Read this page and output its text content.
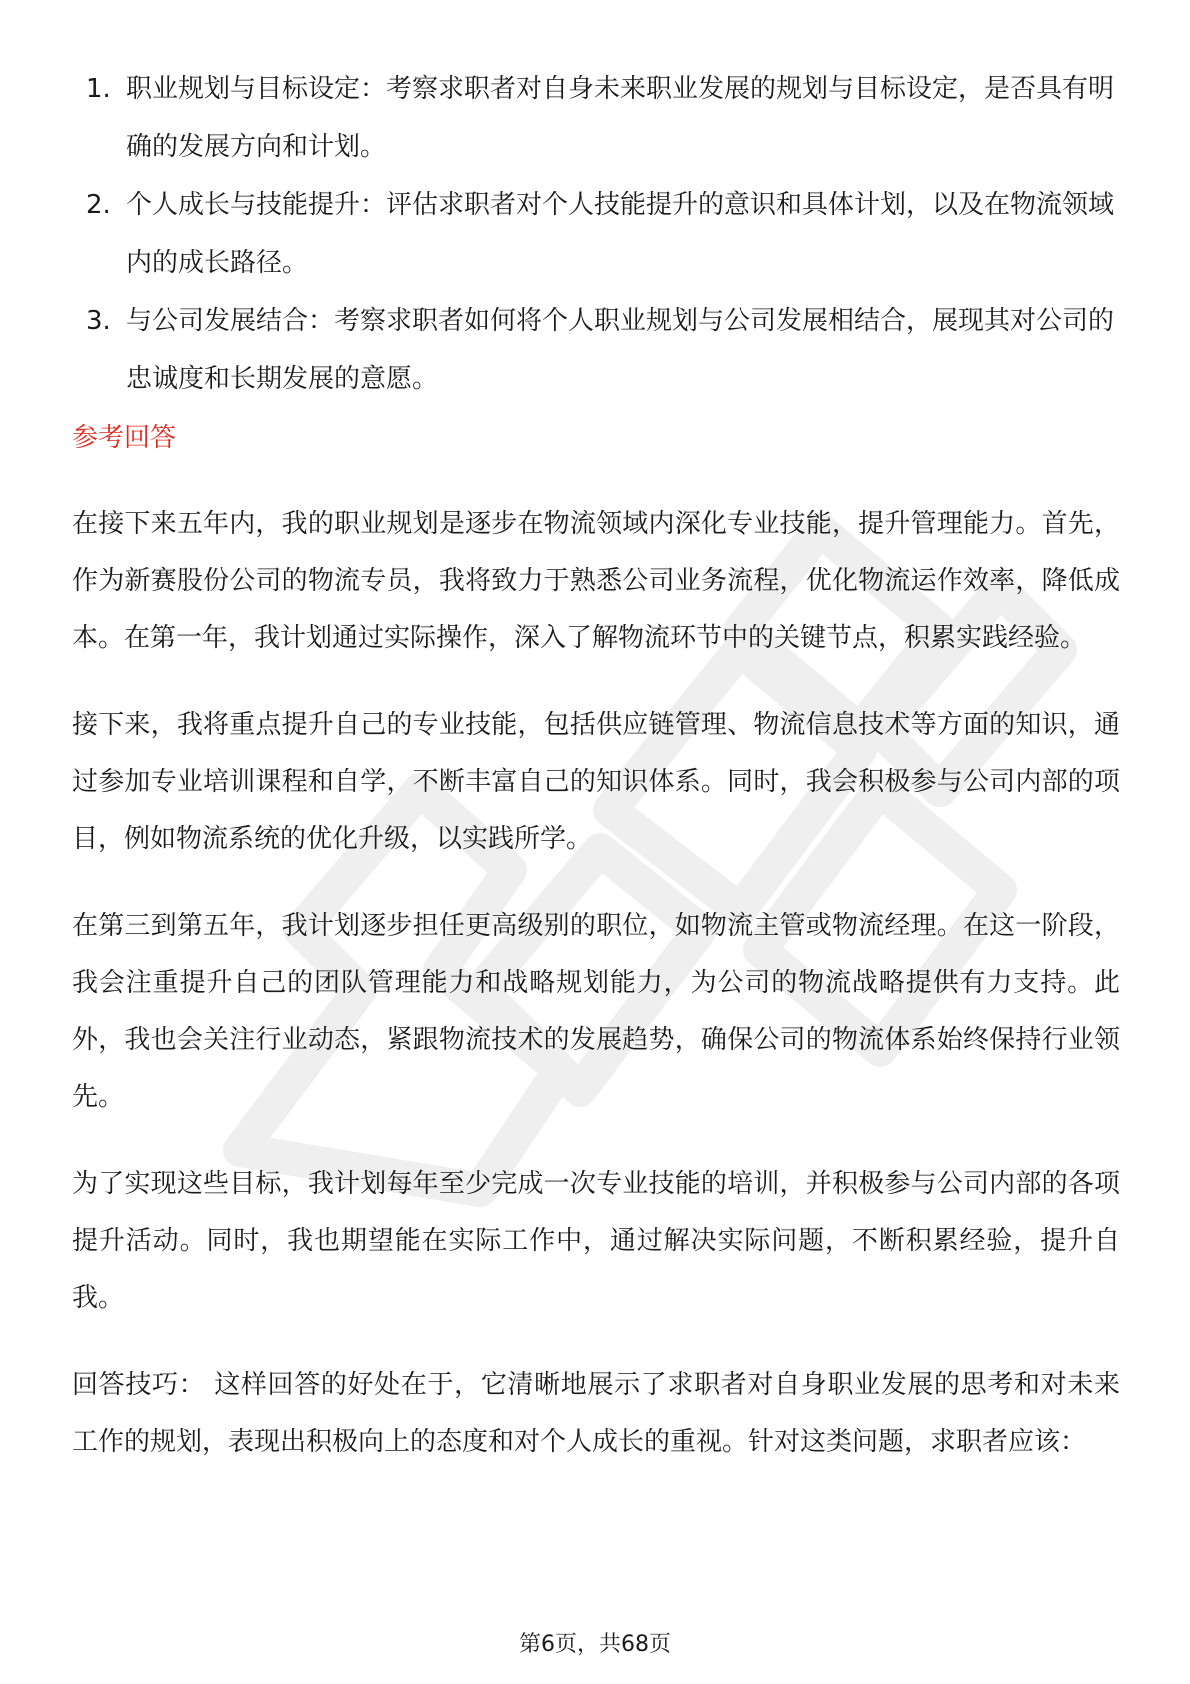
1. 职业规划与目标设定：考察求职者对自身未来职业发展的规划与目标设定，是否具有明确的发展方向和计划。
2. 个人成长与技能提升：评估求职者对个人技能提升的意识和具体计划，以及在物流领域内的成长路径。
3. 与公司发展结合：考察求职者如何将个人职业规划与公司发展相结合，展现其对公司的忠诚度和长期发展的意愿。
参考回答

在接下来五年内，我的职业规划是逐步在物流领域内深化专业技能，提升管理能力。首先，作为新赛股份公司的物流专员，我将致力于熟悉公司业务流程，优化物流运作效率，降低成本。在第一年，我计划通过实际操作，深入了解物流环节中的关键节点，积累实践经验。

接下来，我将重点提升自己的专业技能，包括供应链管理、物流信息技术等方面的知识，通过参加专业培训课程和自学，不断丰富自己的知识体系。同时，我会积极参与公司内部的项目，例如物流系统的优化升级，以实践所学。

在第三到第五年，我计划逐步担任更高级别的职位，如物流主管或物流经理。在这一阶段，我会注重提升自己的团队管理能力和战略规划能力，为公司的物流战略提供有力支持。此外，我也会关注行业动态，紧跟物流技术的发展趋势，确保公司的物流体系始终保持行业领先。

为了实现这些目标，我计划每年至少完成一次专业技能的培训，并积极参与公司内部的各项提升活动。同时，我也期望能在实际工作中，通过解决实际问题，不断积累经验，提升自我。

回答技巧： 这样回答的好处在于，它清晰地展示了求职者对自身职业发展的思考和对未来工作的规划，表现出积极向上的态度和对个人成长的重视。针对这类问题，求职者应该：

第6页，共68页
